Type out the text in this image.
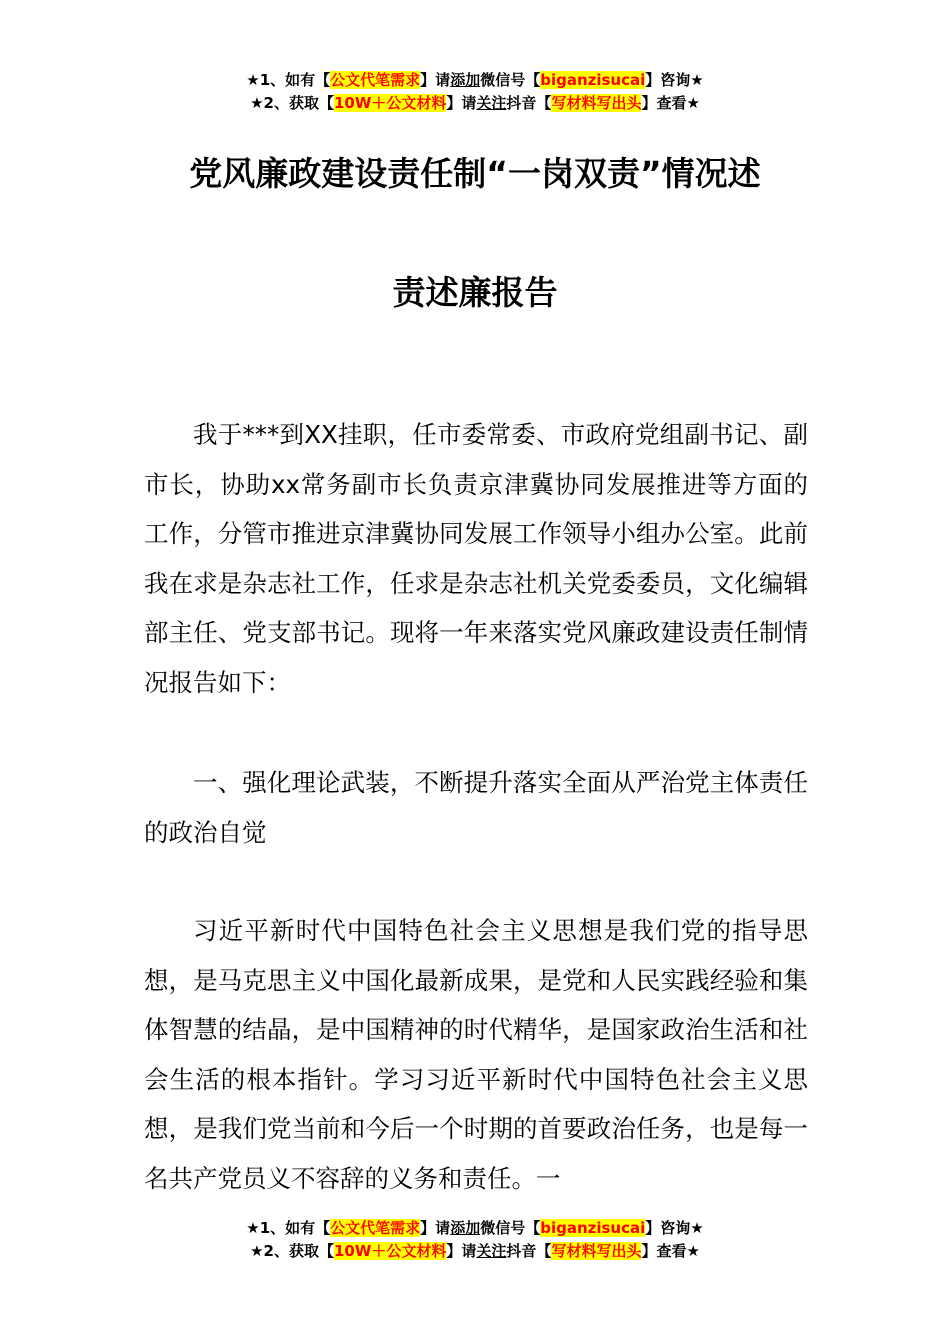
★1、如有【公文代笔需求】请添加微信号【biganzisucai】咨询★
★2、获取【10W＋公文材料】请关注抖音【写材料写出头】查看★
党风廉政建设责任制“一岗双责”情况述
责述廉报告

我于***到XX挂职，任市委常委、市政府党组副书记、副市长，协助xx常务副市长负责京津冀协同发展推进等方面的工作，分管市推进京津冀协同发展工作领导小组办公室。此前我在求是杂志社工作，任求是杂志社机关党委委员，文化编辑部主任、党支部书记。现将一年来落实党风廉政建设责任制情况报告如下：

一、强化理论武装，不断提升落实全面从严治党主体责任的政治自觉

习近平新时代中国特色社会主义思想是我们党的指导思想，是马克思主义中国化最新成果，是党和人民实践经验和集体智慧的结晶，是中国精神的时代精华，是国家政治生活和社会生活的根本指针。学习习近平新时代中国特色社会主义思想，是我们党当前和今后一个时期的首要政治任务，也是每一名共产党员义不容辞的义务和责任。一

★1、如有【公文代笔需求】请添加微信号【biganzisucai】咨询★
★2、获取【10W＋公文材料】请关注抖音【写材料写出头】查看★
